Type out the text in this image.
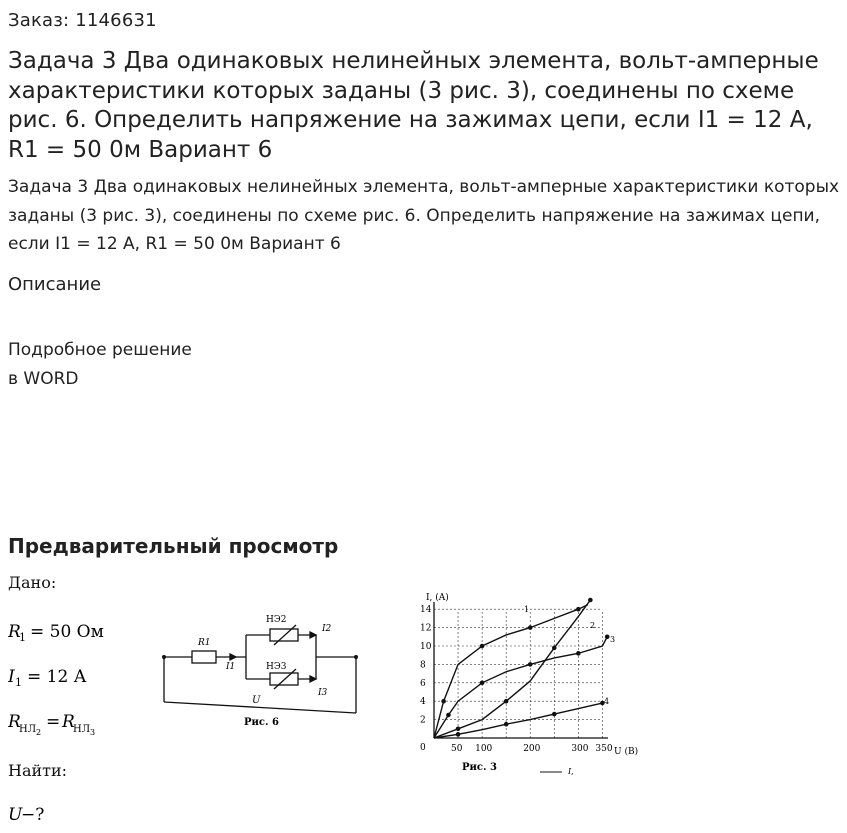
Заказ: 1146631
Задача 3 Два одинаковых нелинейных элемента, вольт-амперные характеристики которых заданы (3 рис. 3), соединены по схеме рис. 6. Определить напряжение на зажимах цепи, если I1 = 12 А, R1 = 50 0м Вариант 6

Задача 3 Два одинаковых нелинейных элемента, вольт-амперные характеристики которых заданы (3 рис. 3), соединены по схеме рис. 6. Определить напряжение на зажимах цепи, если I1 = 12 А, R1 = 50 0м Вариант 6

Описание
Подробное решение
в WORD
Предварительный просмотр
Дано:
R
1 = 50 Ом
I 1 = 12 А
R
НЛ 2
= R
НЛ 3
Найти:
U
−?
R1
НЭ2
НЭ3
I1
I2
I3
U
Рис. 6
I, (A)
U (B)
0
2
4
6
8
10
12
14
50 100	200	300 350
1
2
3
4
Рис. 3	I,
